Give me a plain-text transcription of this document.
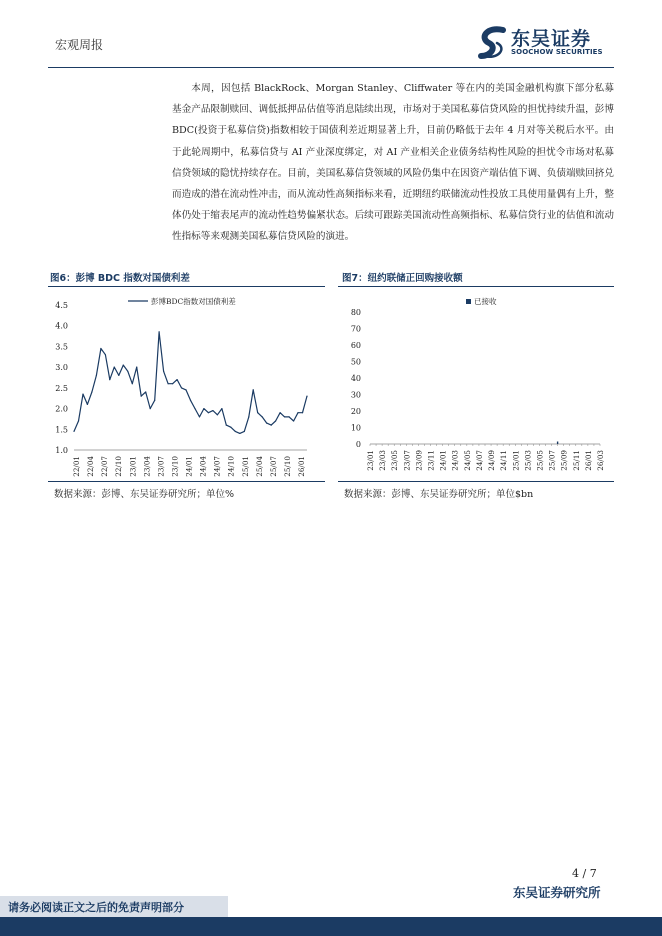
宏观周报	东吴证券
SOOCHOW SECURITIES
本周，因包括 BlackRock、Morgan Stanley、Cliffwater 等在内的美国金融机构旗下部分私募基金产品限制赎回、调低抵押品估值等消息陆续出现，市场对于美国私募信贷风险的担忧持续升温，彭博 BDC(投资于私募信贷)指数相较于国债利差近期显著上升，目前仍略低于去年 4 月对等关税后水平。由于此轮周期中，私募信贷与 AI 产业深度绑定，对 AI 产业相关企业债务结构性风险的担忧令市场对私募信贷领域的隐忧持续存在。目前，美国私募信贷领域的风险仍集中在因资产端估值下调、负债端赎回挤兑而造成的潜在流动性冲击，而从流动性高频指标来看，近期纽约联储流动性投放工具使用量偶有上升，整体仍处于缩表尾声的流动性趋势偏紧状态。后续可跟踪美国流动性高频指标、私募信贷行业的估值和流动性指标等来观测美国私募信贷风险的演进。
图6：彭博 BDC 指数对国债利差
4.5
4.0
3.5
3.0
2.5
2.0
1.5
1.0
22/01 22/04 22/07 22/10 23/01 23/04 23/07 23/10 24/01 24/04 24/07 24/10 25/01 25/04 25/07 25/10 26/01
彭博BDC指数对国债利差
数据来源：彭博、东吴证券研究所；单位%
图7：纽约联储正回购接收额
80
70
60
50
40
30
20
10
0
23/01 23/03 23/05 23/07 23/09 23/11 24/01 24/03 24/05 24/07 24/09 24/11 25/01 25/03 25/05 25/07 25/09 25/11 26/01 26/03
已接收
数据来源：彭博、东吴证券研究所；单位$bn
4 / 7
东吴证券研究所
请务必阅读正文之后的免责声明部分
